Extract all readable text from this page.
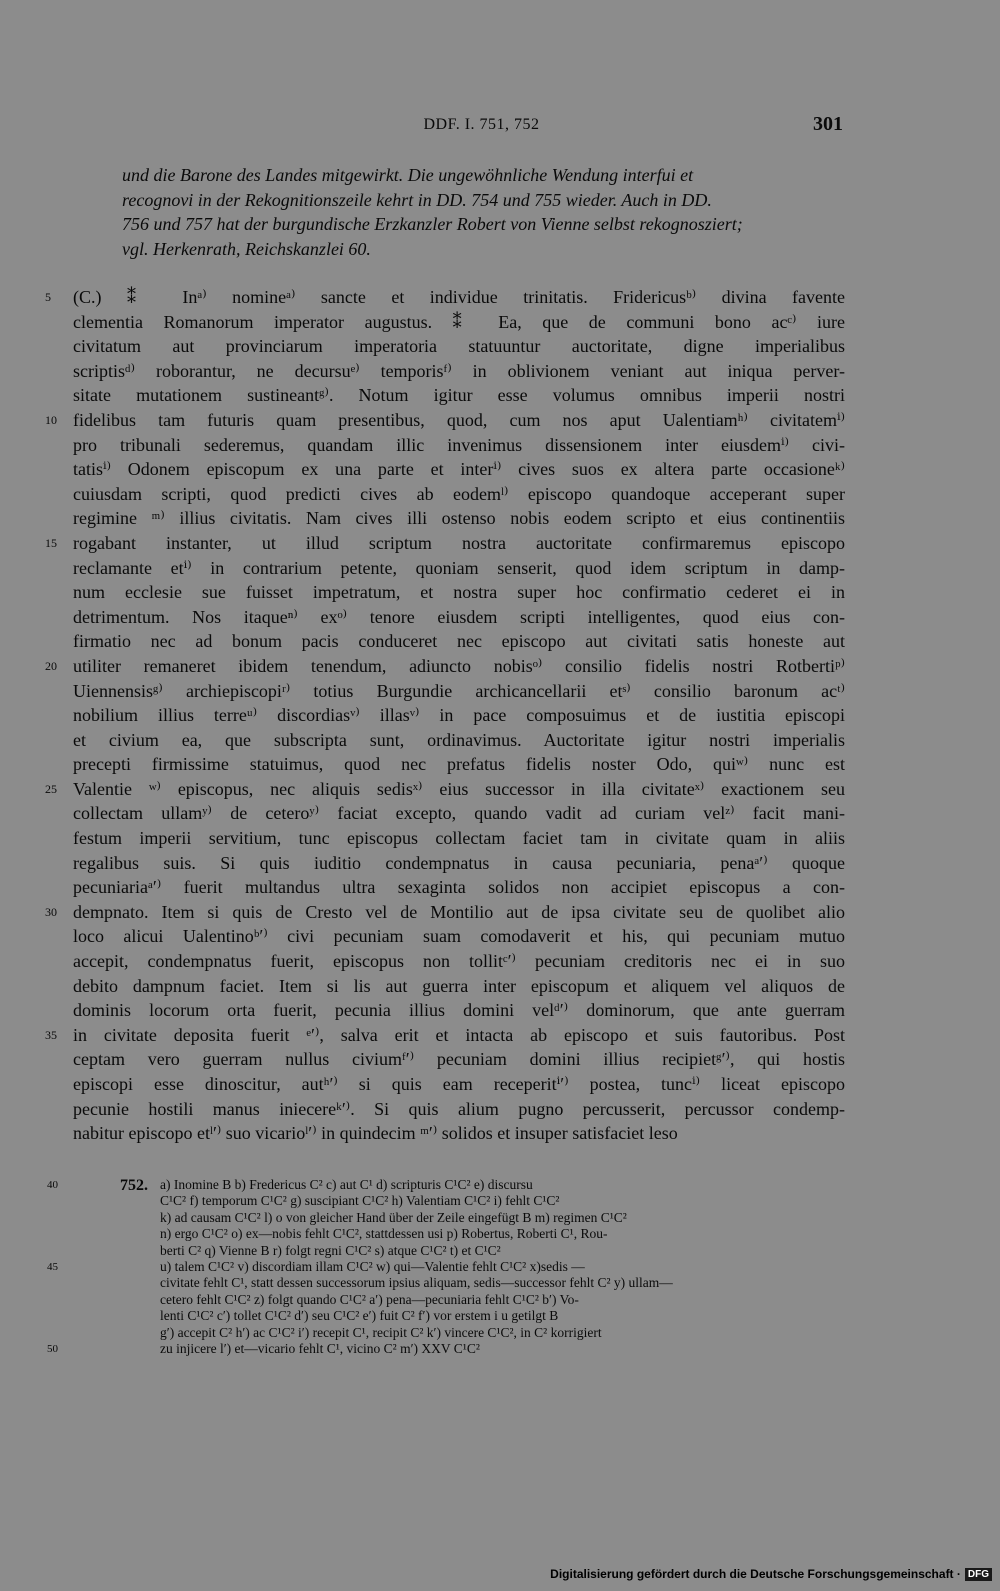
DDF. I. 751, 752	301
und die Barone des Landes mitgewirkt. Die ungewöhnliche Wendung interfui et
recognovi in der Rekognitionszeile kehrt in DD. 754 und 755 wieder. Auch in DD.
756 und 757 hat der burgundische Erzkanzler Robert von Vienne selbst rekognosziert;
vgl. Herkenrath, Reichskanzlei 60.
5	(C.) ⁑ Inᵃ⁾ nomineᵃ⁾ sancte et individue trinitatis. Fridericusᵇ⁾ divina favente
clementia Romanorum imperator augustus. ⁑ Ea, que de communi bono acᶜ⁾ iure
civitatum aut provinciarum imperatoria statuuntur auctoritate, digne imperialibus
scriptisᵈ⁾ roborantur, ne decursuᵉ⁾ temporisᶠ⁾ in oblivionem veniant aut iniqua perver-
sitate mutationem sustineantᵍ⁾. Notum igitur esse volumus omnibus imperii nostri
10 fidelibus tam futuris quam presentibus, quod, cum nos aput Ualentiamʰ⁾ civitatemⁱ⁾
pro tribunali sederemus, quandam illic invenimus dissensionem inter eiusdemⁱ⁾ civi-
tatisⁱ⁾ Odonem episcopum ex una parte et interⁱ⁾ cives suos ex altera parte occasioneᵏ⁾
cuiusdam scripti, quod predicti cives ab eodemˡ⁾ episcopo quandoque acceperant super
regimine ᵐ⁾ illius civitatis. Nam cives illi ostenso nobis eodem scripto et eius continentiis
15 rogabant instanter, ut illud scriptum nostra auctoritate confirmaremus episcopo
reclamante etⁱ⁾ in contrarium petente, quoniam senserit, quod idem scriptum in damp-
num ecclesie sue fuisset impetratum, et nostra super hoc confirmatio cederet ei in
detrimentum. Nos itaqueⁿ⁾ exᵒ⁾ tenore eiusdem scripti intelligentes, quod eius con-
firmatio nec ad bonum pacis conduceret nec episcopo aut civitati satis honeste aut
20 utiliter remaneret ibidem tenendum, adiuncto nobisᵒ⁾ consilio fidelis nostri Rotbertiᵖ⁾
Uiennensisᵍ⁾ archiepiscopiʳ⁾ totius Burgundie archicancellarii etˢ⁾ consilio baronum acᵗ⁾
nobilium illius terreᵘ⁾ discordiasᵛ⁾ illasᵛ⁾ in pace composuimus et de iustitia episcopi
et civium ea, que subscripta sunt, ordinavimus. Auctoritate igitur nostri imperialis
precepti firmissime statuimus, quod nec prefatus fidelis noster Odo, quiʷ⁾ nunc est
25 Valentie ʷ⁾ episcopus, nec aliquis sedisˣ⁾ eius successor in illa civitateˣ⁾ exactionem seu
collectam ullamʸ⁾ de ceteroʸ⁾ faciat excepto, quando vadit ad curiam velᶻ⁾ facit mani-
festum imperii servitium, tunc episcopus collectam faciet tam in civitate quam in aliis
regalibus suis. Si quis iuditio condempnatus in causa pecuniaria, penaᵃ′⁾ quoque
pecuniariaᵃ′⁾ fuerit multandus ultra sexaginta solidos non accipiet episcopus a con-
30 dempnato. Item si quis de Cresto vel de Montilio aut de ipsa civitate seu de quolibet alio
loco alicui Ualentinoᵇ′⁾ civi pecuniam suam comodaverit et his, qui pecuniam mutuo
accepit, condempnatus fuerit, episcopus non tollitᶜ′⁾ pecuniam creditoris nec ei in suo
debito dampnum faciet. Item si lis aut guerra inter episcopum et aliquem vel aliquos de
dominis locorum orta fuerit, pecunia illius domini velᵈ′⁾ dominorum, que ante guerram
35 in civitate deposita fuerit ᵉ′⁾, salva erit et intacta ab episcopo et suis fautoribus. Post
ceptam vero guerram nullus civiumᶠ′⁾ pecuniam domini illius recipietᵍ′⁾, qui hostis
episcopi esse dinoscitur, autʰ′⁾ si quis eam receperitⁱ′⁾ postea, tuncⁱ⁾ liceat episcopo
pecunie hostili manus iniecereᵏ′⁾. Si quis alium pugno percusserit, percussor condemp-
nabitur episcopo etˡ′⁾ suo vicarioˡ′⁾ in quindecim ᵐ′⁾ solidos et insuper satisfaciet leso
752.
40	a) Inomine B b) Fredericus C² c) aut C¹ d) scripturis C¹C² e) discursu
C¹C² f) temporum C¹C² g) suscipiant C¹C² h) Valentiam C¹C² i) fehlt C¹C²
k) ad causam C¹C² l) o von gleicher Hand über der Zeile eingefügt B m) regimen C¹C²
n) ergo C¹C² o) ex—nobis fehlt C¹C², stattdessen usi p) Robertus, Roberti C¹, Rou-
berti C² q) Vienne B r) folgt regni C¹C² s) atque C¹C² t) et C¹C²
45	u) talem C¹C² v) discordiam illam C¹C² w) qui—Valentie fehlt C¹C² x)sedis —
civitate fehlt C¹, statt dessen successorum ipsius aliquam, sedis—successor fehlt C² y) ullam—
cetero fehlt C¹C² z) folgt quando C¹C² a′) pena—pecuniaria fehlt C¹C² b′) Vo-
lenti C¹C² c′) tollet C¹C² d′) seu C¹C² e′) fuit C² f′) vor erstem i u getilgt B
g′) accepit C² h′) ac C¹C² i′) recepit C¹, recipit C² k′) vincere C¹C², in C² korrigiert
50	zu injicere l′) et—vicario fehlt C¹, vicino C² m′) XXV C¹C²
Digitalisierung gefördert durch die Deutsche Forschungsgemeinschaft · DFG
